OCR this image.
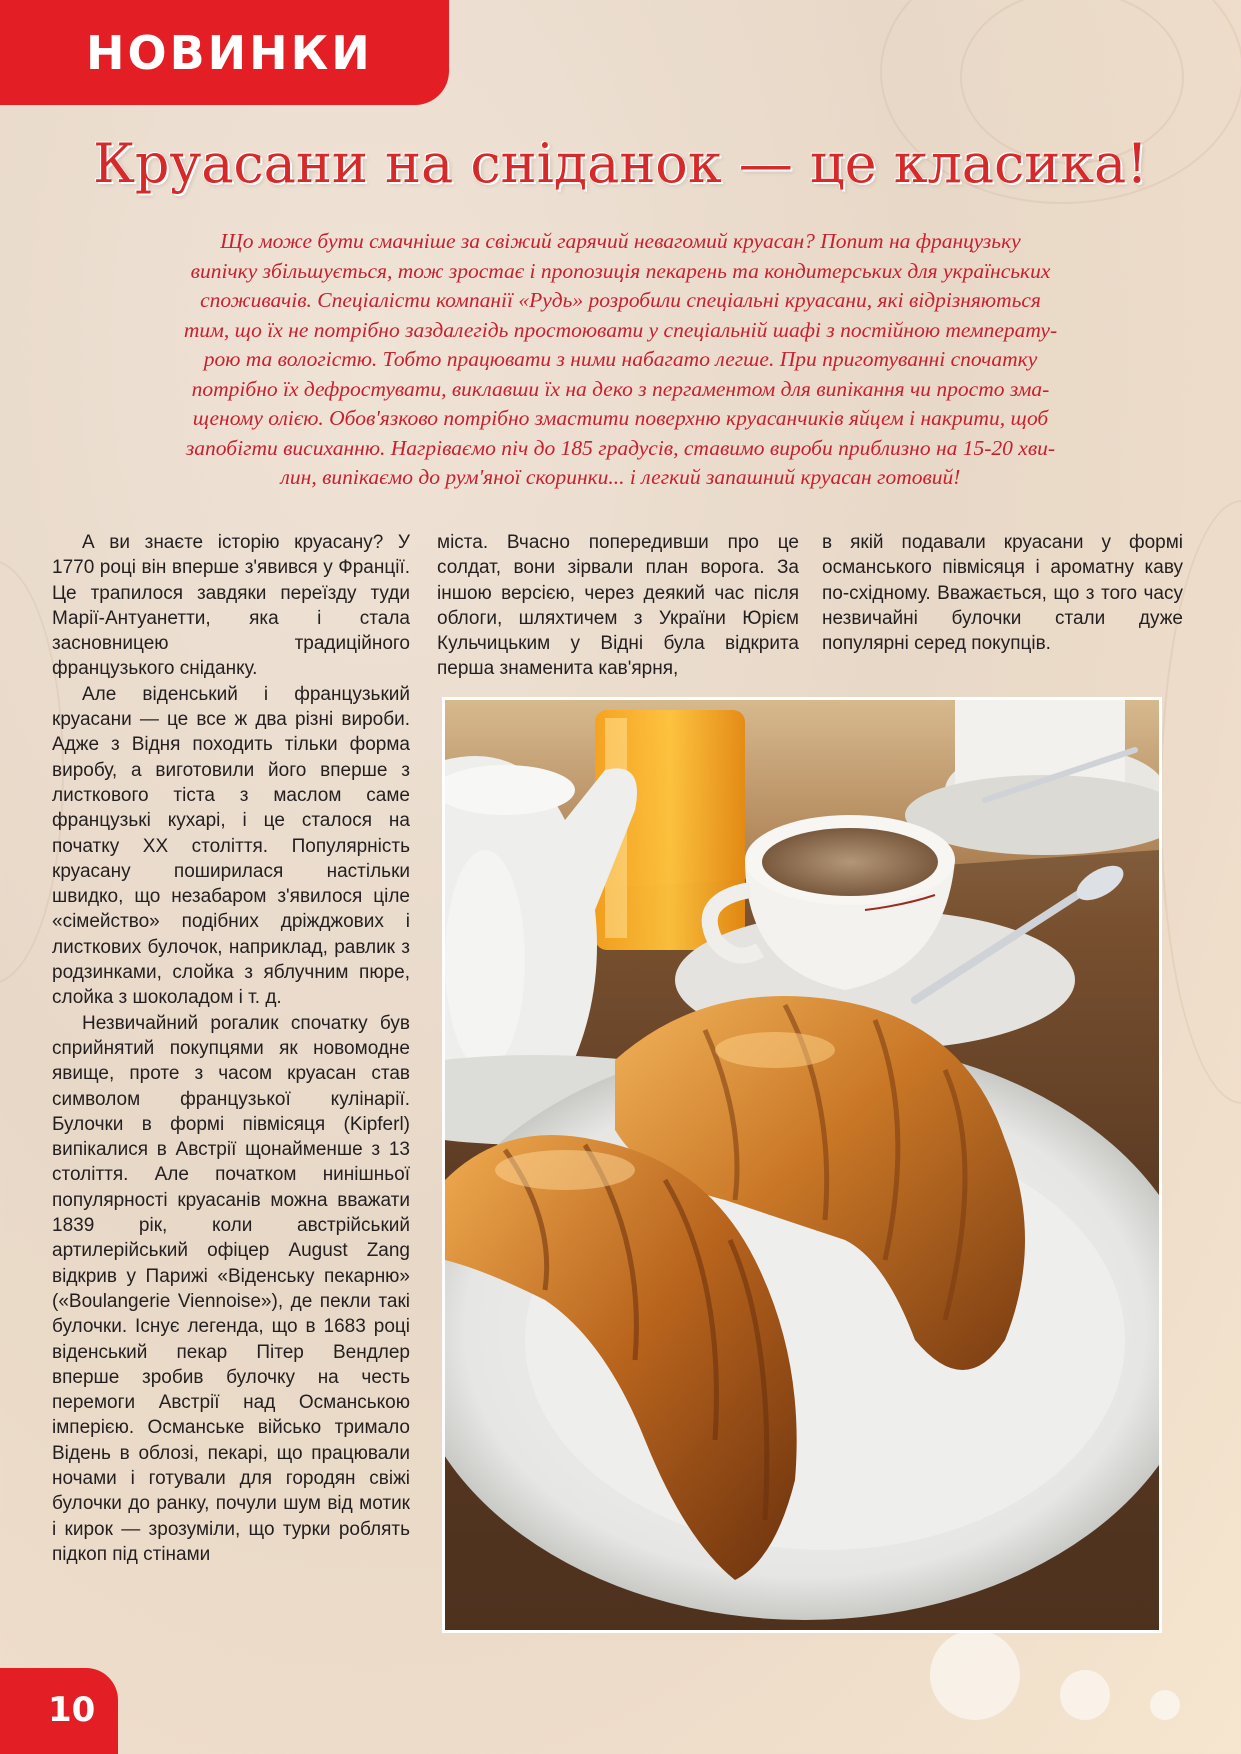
НОВИНКИ
Круасани на сніданок — це класика!

Що може бути смачніше за свіжий гарячий невагомий круасан? Попит на французьку

випічку збільшується, тож зростає і пропозиція пекарень та кондитерських для українських

споживачів. Спеціалісти компанії «Рудь» розробили спеціальні круасани, які відрізняються

тим, що їх не потрібно заздалегідь простоювати у спеціальній шафі з постійною температу-

рою та вологістю. Тобто працювати з ними набагато легше. При приготуванні спочатку

потрібно їх дефростувати, виклавши їх на деко з пергаментом для випікання чи просто зма-

щеному олією. Обов'язково потрібно змастити поверхню круасанчиків яйцем і накрити, щоб

запобігти висиханню. Нагріваємо піч до 185 градусів, ставимо вироби приблизно на 15-20 хви-

лин, випікаємо до рум'яної скоринки... і легкий запашний круасан готовий!

А ви знаєте історію круасану? У 1770 році він вперше з'явився у Франції. Це трапилося завдяки переїзду туди Марії-Антуанетти, яка і стала засновницею традиційного французького сніданку.

Але віденський і французький круасани — це все ж два різні вироби. Адже з Відня походить тільки форма виробу, а виготовили його вперше з листкового тіста з маслом саме французькі кухарі, і це сталося на початку ХХ століття. Популярність круасану поширилася настільки швидко, що незабаром з'явилося ціле «сімейство» подібних дріжджових і листкових булочок, наприклад, равлик з родзинками, слойка з яблучним пюре, слойка з шоколадом і т. д.

Незвичайний рогалик спочатку був сприйнятий покупцями як новомодне явище, проте з часом круасан став символом французької кулінарії. Булочки в формі півмісяця (Kipferl) випікалися в Австрії щонайменше з 13 століття. Але початком нинішньої популярності круасанів можна вважати 1839 рік, коли австрійський артилерійський офіцер August Zang відкрив у Парижі «Віденську пекарню» («Boulangerie Viennoise»), де пекли такі булочки. Існує легенда, що в 1683 році віденський пекар Пітер Вендлер вперше зробив булочку на честь перемоги Австрії над Османською імперією. Османське військо тримало Відень в облозі, пекарі, що працювали ночами і готували для городян свіжі булочки до ранку, почули шум від мотик і кирок — зрозуміли, що турки роблять підкоп під стінами

міста. Вчасно попередивши про це солдат, вони зірвали план ворога. За іншою версією, через деякий час після облоги, шляхтичем з України Юрієм Кульчицьким у Відні була відкрита перша знаменита кав'ярня,

в якій подавали круасани у формі османського півмісяця і ароматну каву по-східному. Вважається, що з того часу незвичайні булочки стали дуже популярні серед покупців.

10
